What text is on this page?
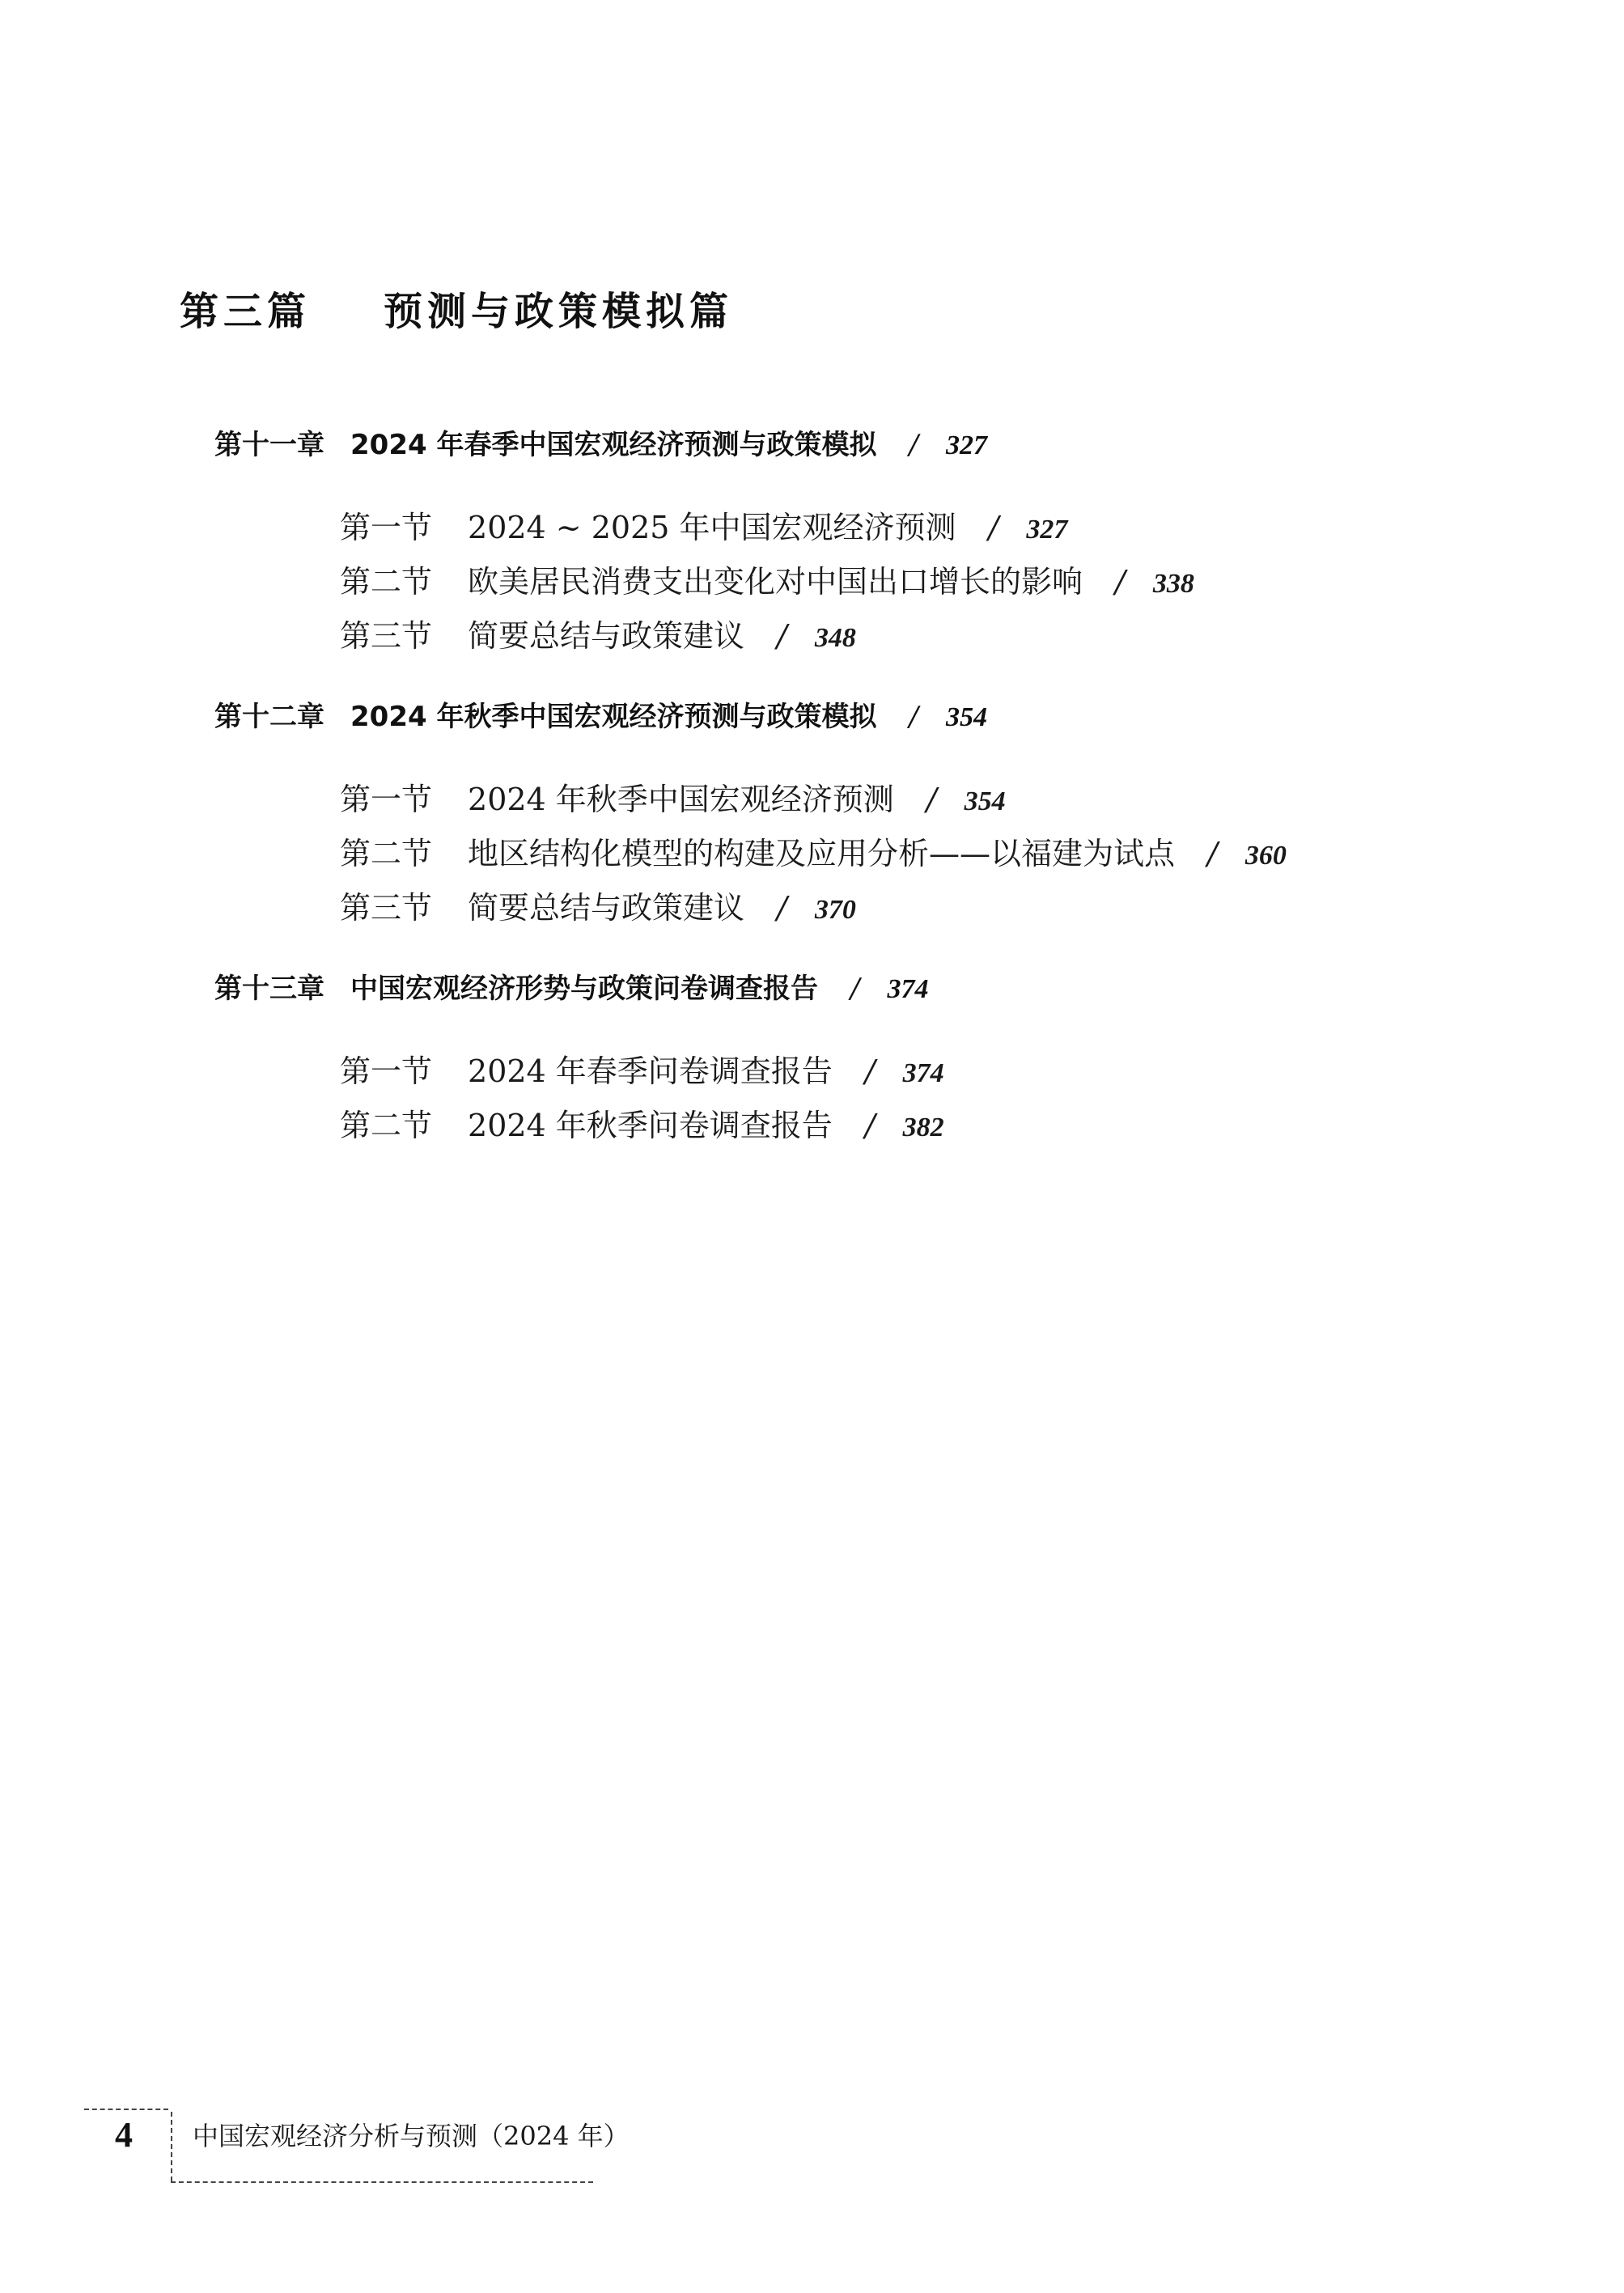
第三篇 预测与政策模拟篇
第十一章 2024 年春季中国宏观经济预测与政策模拟 / 327
第一节 2024 ~ 2025 年中国宏观经济预测 / 327
第二节 欧美居民消费支出变化对中国出口增长的影响 / 338
第三节 简要总结与政策建议 / 348
第十二章 2024 年秋季中国宏观经济预测与政策模拟 / 354
第一节 2024 年秋季中国宏观经济预测 / 354
第二节 地区结构化模型的构建及应用分析——以福建为试点 / 360
第三节 简要总结与政策建议 / 370
第十三章 中国宏观经济形势与政策问卷调查报告 / 374
第一节 2024 年春季问卷调查报告 / 374
第二节 2024 年秋季问卷调查报告 / 382
4 中国宏观经济分析与预测（2024 年）
